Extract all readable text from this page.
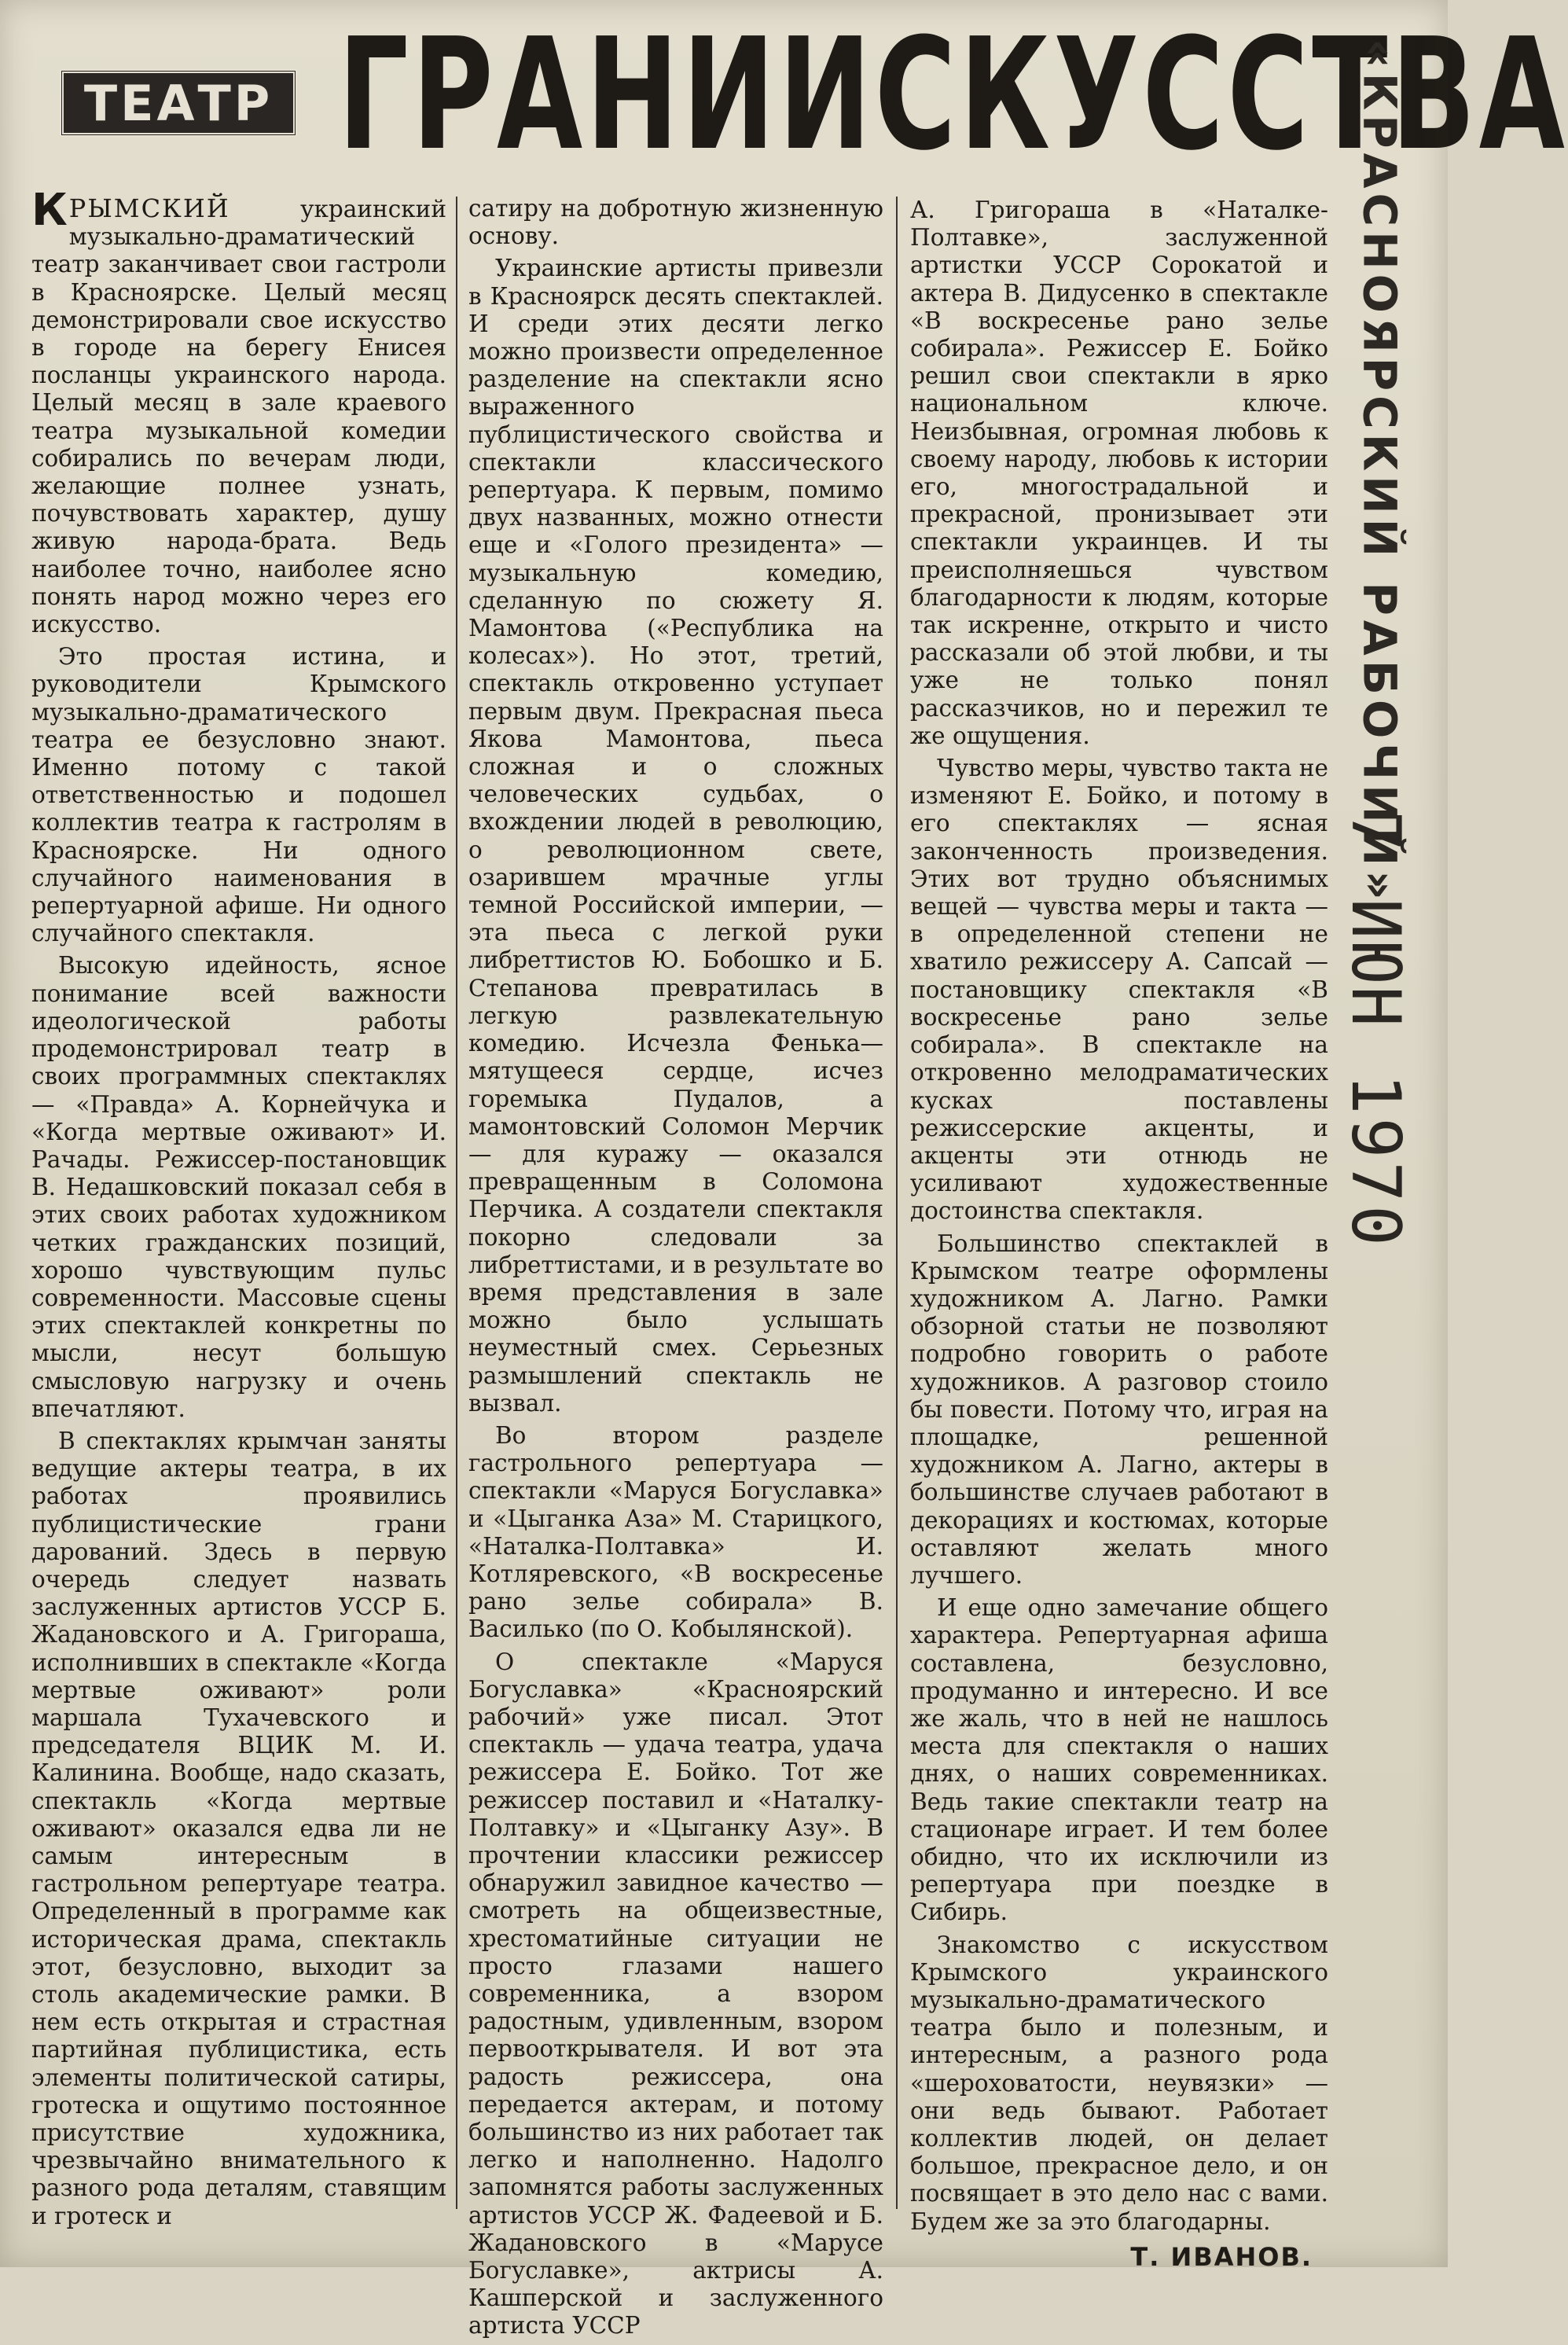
ТЕАТР ГРАНИ ИСКУССТВА

КРЫМСКИЙ	украинский музыкально-драматический театр заканчивает свои гастроли в Красноярске. Целый месяц демонстрировали свое искусство в городе на берегу Енисея посланцы украинского народа. Целый месяц в зале краевого театра музыкальной комедии собирались по вечерам люди, желающие полнее узнать, почувствовать характер, душу живую народа-брата. Ведь наиболее точно, наиболее ясно понять народ можно через его искусство.

Это простая истина, и руководители Крымского музыкально-драматического театра ее безусловно знают. Именно потому с такой ответственностью и подошел коллектив театра к гастролям в Красноярске. Ни одного случайного наименования в репертуарной афише. Ни одного случайного спектакля.

Высокую идейность, ясное понимание всей важности идеологической работы продемонстрировал театр в своих программных спектаклях — «Правда» А. Корнейчука и «Когда мертвые оживают» И. Рачады. Режиссер-постановщик В. Недашковский показал себя в этих своих работах художником четких гражданских позиций, хорошо чувствующим пульс современности. Массовые сцены этих спектаклей конкретны по мысли, несут большую смысловую нагрузку и очень впечатляют.

В спектаклях крымчан заняты ведущие актеры театра, в их работах проявились публицистические грани дарований. Здесь в первую очередь следует назвать заслуженных артистов УССР Б. Жадановского и А. Григораша, исполнивших в спектакле «Когда мертвые оживают» роли маршала Тухачевского и председателя ВЦИК М. И. Калинина. Вообще, надо сказать, спектакль «Когда мертвые оживают» оказался едва ли не самым интересным в гастрольном репертуаре театра. Определенный в программе как историческая драма, спектакль этот, безусловно, выходит за столь академические рамки. В нем есть открытая и страстная партийная публицистика, есть элементы политической сатиры, гротеска и ощутимо постоянное присутствие художника, чрезвычайно внимательного к разного рода деталям, ставящим и гротеск и

сатиру на добротную жизненную основу.

Украинские артисты привезли в Красноярск десять спектаклей. И среди этих десяти легко можно произвести определенное разделение на спектакли ясно выраженного публицистического свойства и спектакли классического репертуара. К первым, помимо двух названных, можно отнести еще и «Голого президента» — музыкальную комедию, сделанную по сюжету Я. Мамонтова («Республика на колесах»). Но этот, третий, спектакль откровенно уступает первым двум. Прекрасная пьеса Якова Мамонтова, пьеса сложная и о сложных человеческих судьбах, о вхождении людей в революцию, о революционном свете, озарившем мрачные углы темной Российской империи, — эта пьеса с легкой руки либреттистов Ю. Бобошко и Б. Степанова превратилась в легкую развлекательную комедию. Исчезла Фенька—мятущееся сердце, исчез горемыка Пудалов, а мамонтовский Соломон Мерчик — для куражу — оказался превращенным в Соломона Перчика. А создатели спектакля покорно следовали за либреттистами, и в результате во время представления в зале можно было услышать неуместный смех. Серьезных размышлений спектакль не вызвал.

Во втором разделе гастрольного репертуара — спектакли «Маруся Богуславка» и «Цыганка Аза» М. Старицкого, «Наталка-Полтавка» И. Котляревского, «В воскресенье рано зелье собирала» В. Василько (по О. Кобылянской).

О спектакле «Маруся Богуславка» «Красноярский рабочий» уже писал. Этот спектакль — удача театра, удача режиссера Е. Бойко. Тот же режиссер поставил и «Наталку-Полтавку» и «Цыганку Азу». В прочтении классики режиссер обнаружил завидное качество — смотреть на общеизвестные, хрестоматийные ситуации не просто глазами нашего современника, а взором радостным, удивленным, взором первооткрывателя. И вот эта радость режиссера, она передается актерам, и потому большинство из них работает так легко и наполненно. Надолго запомнятся работы заслуженных артистов УССР Ж. Фадеевой и Б. Жадановского в «Марусе Богуславке», актрисы А. Кашперской и заслуженного артиста УССР

А. Григораша в «Наталке-Полтавке», заслуженной артистки УССР Сорокатой и актера В. Дидусенко в спектакле «В воскресенье рано зелье собирала». Режиссер Е. Бойко решил свои спектакли в ярко национальном ключе. Неизбывная, огромная любовь к своему народу, любовь к истории его, многострадальной и прекрасной, пронизывает эти спектакли украинцев. И ты преисполняешься чувством благодарности к людям, которые так искренне, открыто и чисто рассказали об этой любви, и ты уже не только понял рассказчиков, но и пережил те же ощущения.

Чувство меры, чувство такта не изменяют Е. Бойко, и потому в его спектаклях — ясная законченность произведения. Этих вот трудно объяснимых вещей — чувства меры и такта — в определенной степени не хватило режиссеру А. Сапсай — постановщику спектакля «В воскресенье рано зелье собирала». В спектакле на откровенно мелодраматических кусках поставлены режиссерские акценты, и акценты эти отнюдь не усиливают художественные достоинства спектакля.

Большинство спектаклей в Крымском театре оформлены художником А. Лагно. Рамки обзорной статьи не позволяют подробно говорить о работе художников. А разговор стоило бы повести. Потому что, играя на площадке, решенной художником А. Лагно, актеры в большинстве случаев работают в декорациях и костюмах, которые оставляют желать много лучшего.

И еще одно замечание общего характера. Репертуарная афиша составлена, безусловно, продуманно и интересно. И все же жаль, что в ней не нашлось места для спектакля о наших днях, о наших современниках. Ведь такие спектакли театр на стационаре играет. И тем более обидно, что их исключили из репертуара при поездке в Сибирь.

Знакомство с искусством Крымского украинского музыкально-драматического театра было и полезным, и интересным, а разного рода «шероховатости, неувязки» — они ведь бывают. Работает коллектив людей, он делает большое, прекрасное дело, и он посвящает в это дело нас с вами. Будем же за это благодарны.

Т. ИВАНОВ.
«КРАСНОЯРСКИЙ РАБОЧИЙ»
7 ИЮН 1970
